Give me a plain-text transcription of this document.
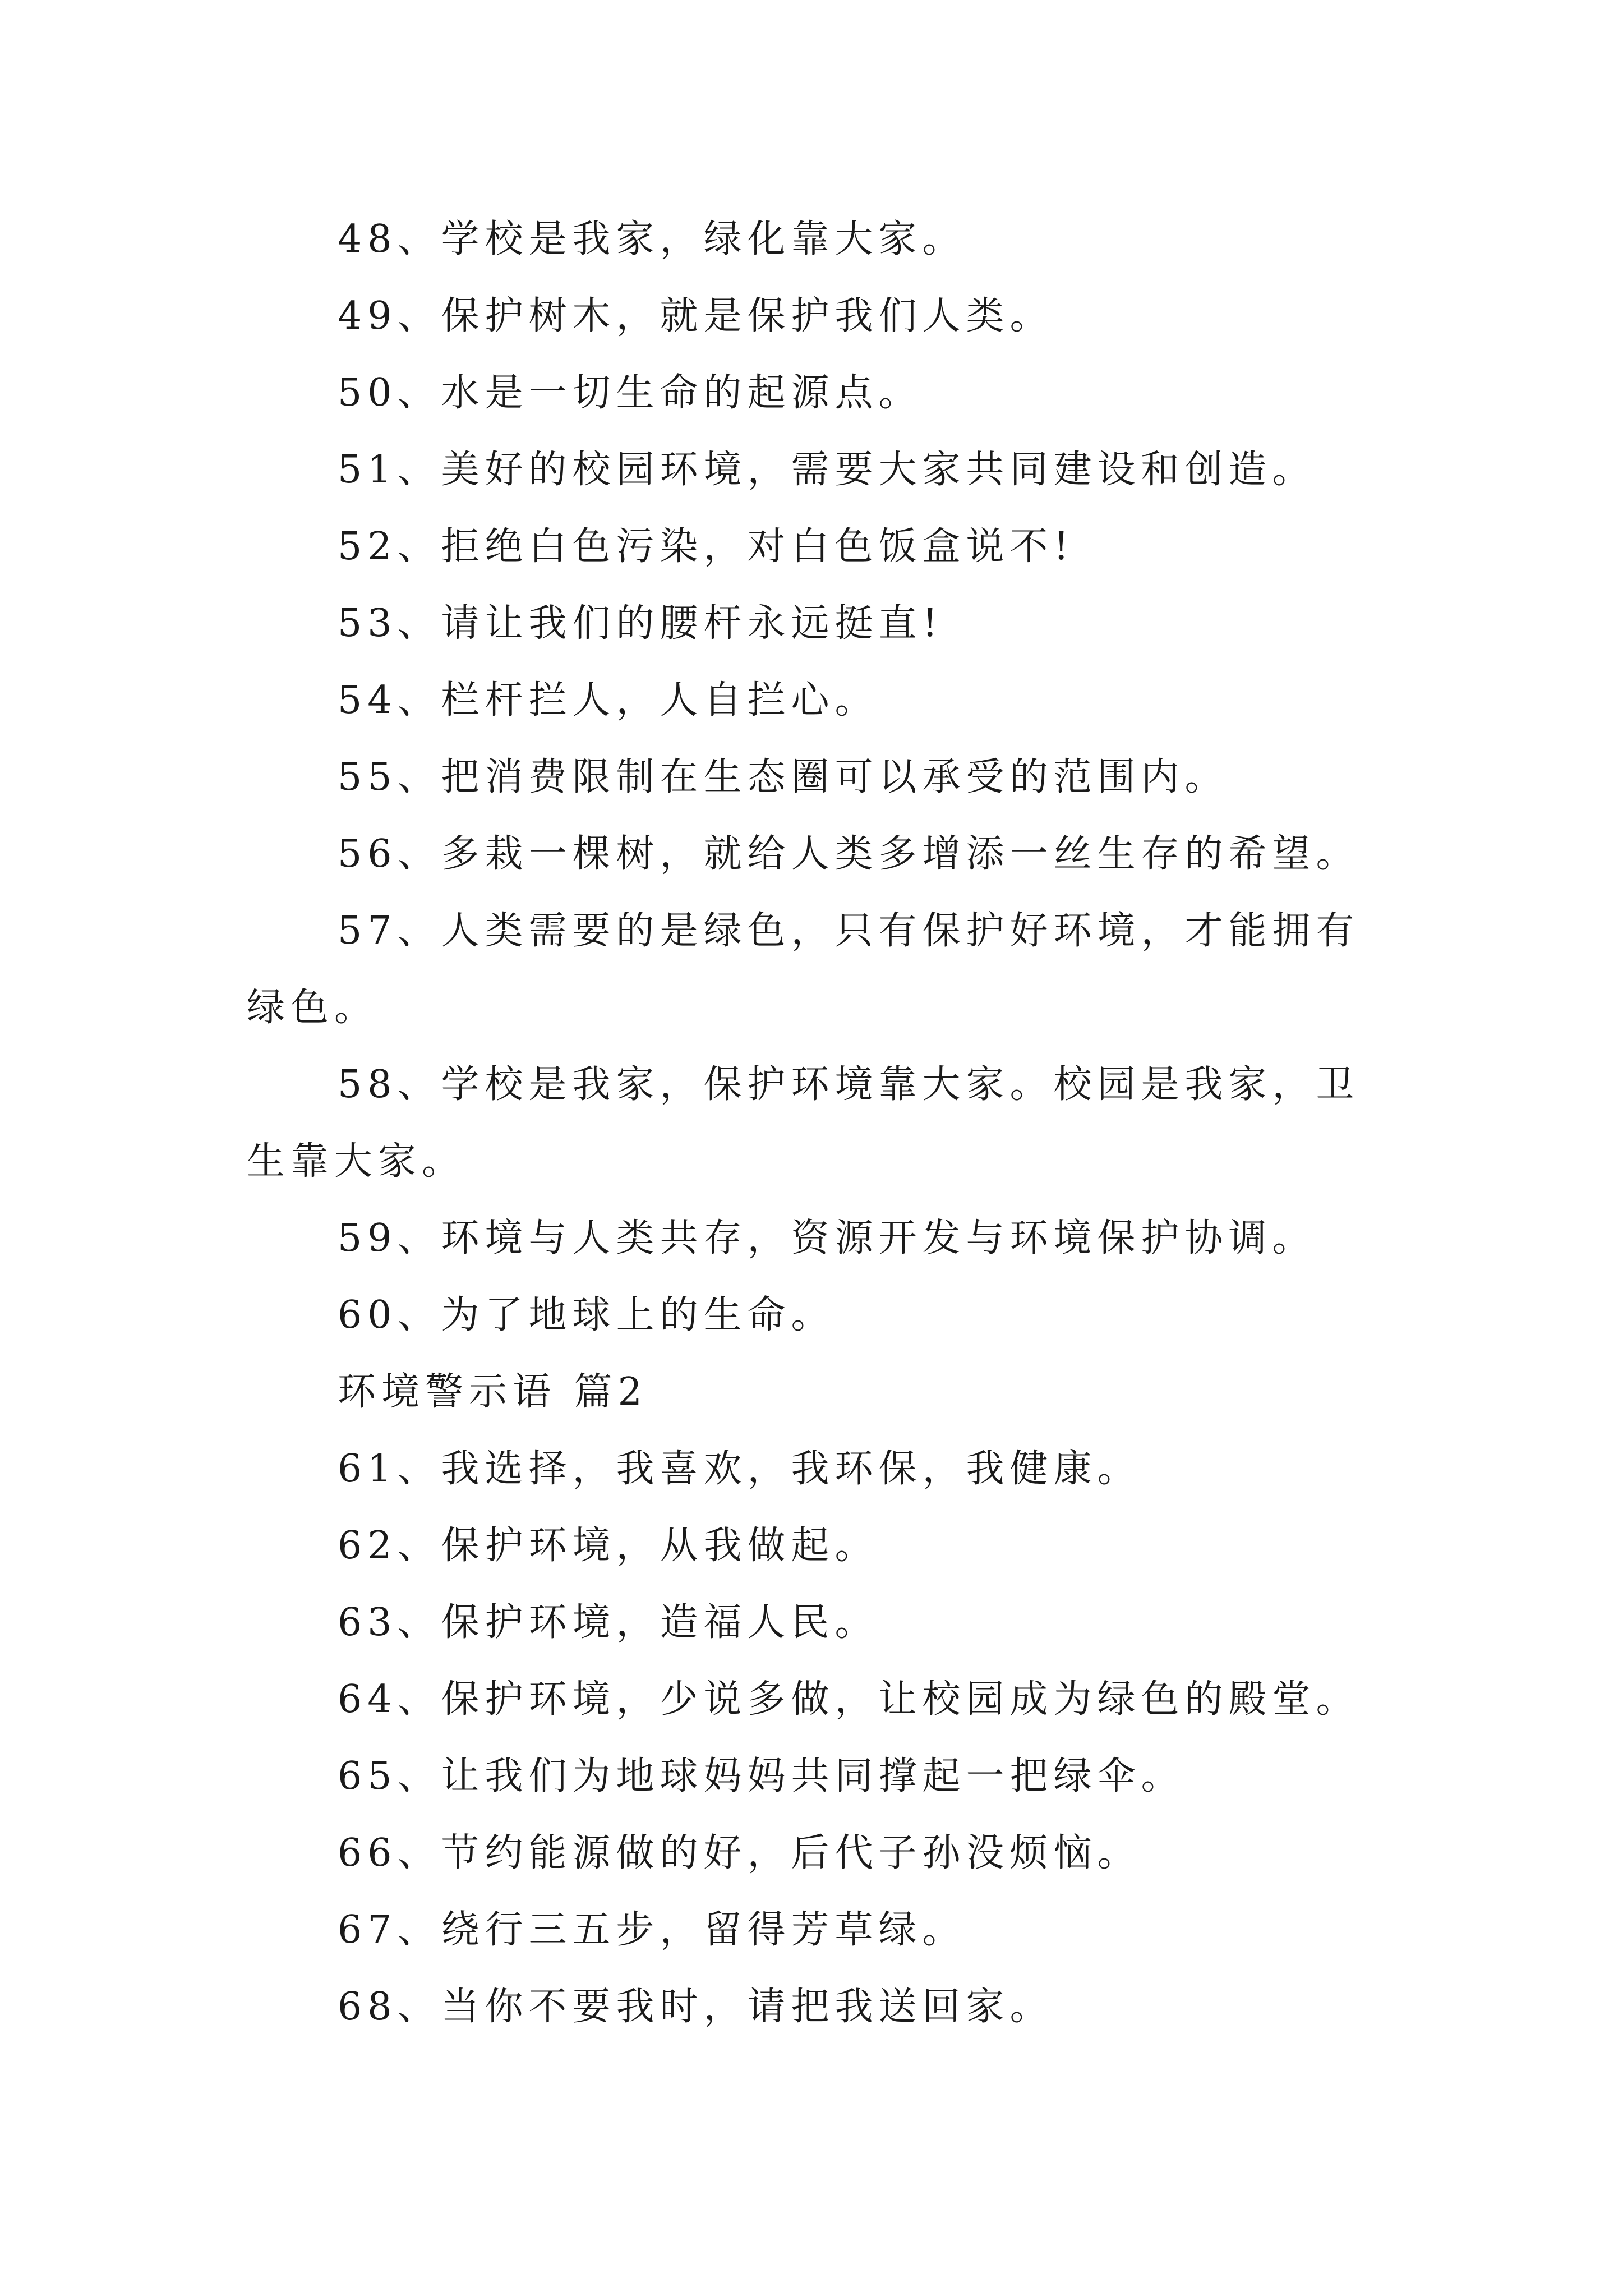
48、学校是我家，绿化靠大家。

49、保护树木，就是保护我们人类。

50、水是一切生命的起源点。

51、美好的校园环境，需要大家共同建设和创造。

52、拒绝白色污染，对白色饭盒说不!

53、请让我们的腰杆永远挺直!

54、栏杆拦人，人自拦心。

55、把消费限制在生态圈可以承受的范围内。

56、多栽一棵树，就给人类多增添一丝生存的希望。

57、人类需要的是绿色，只有保护好环境，才能拥有绿色。

58、学校是我家，保护环境靠大家。校园是我家，卫生靠大家。

59、环境与人类共存，资源开发与环境保护协调。

60、为了地球上的生命。

环境警示语 篇2

61、我选择，我喜欢，我环保，我健康。

62、保护环境，从我做起。

63、保护环境，造福人民。

64、保护环境，少说多做，让校园成为绿色的殿堂。

65、让我们为地球妈妈共同撑起一把绿伞。

66、节约能源做的好，后代子孙没烦恼。

67、绕行三五步，留得芳草绿。

68、当你不要我时，请把我送回家。
